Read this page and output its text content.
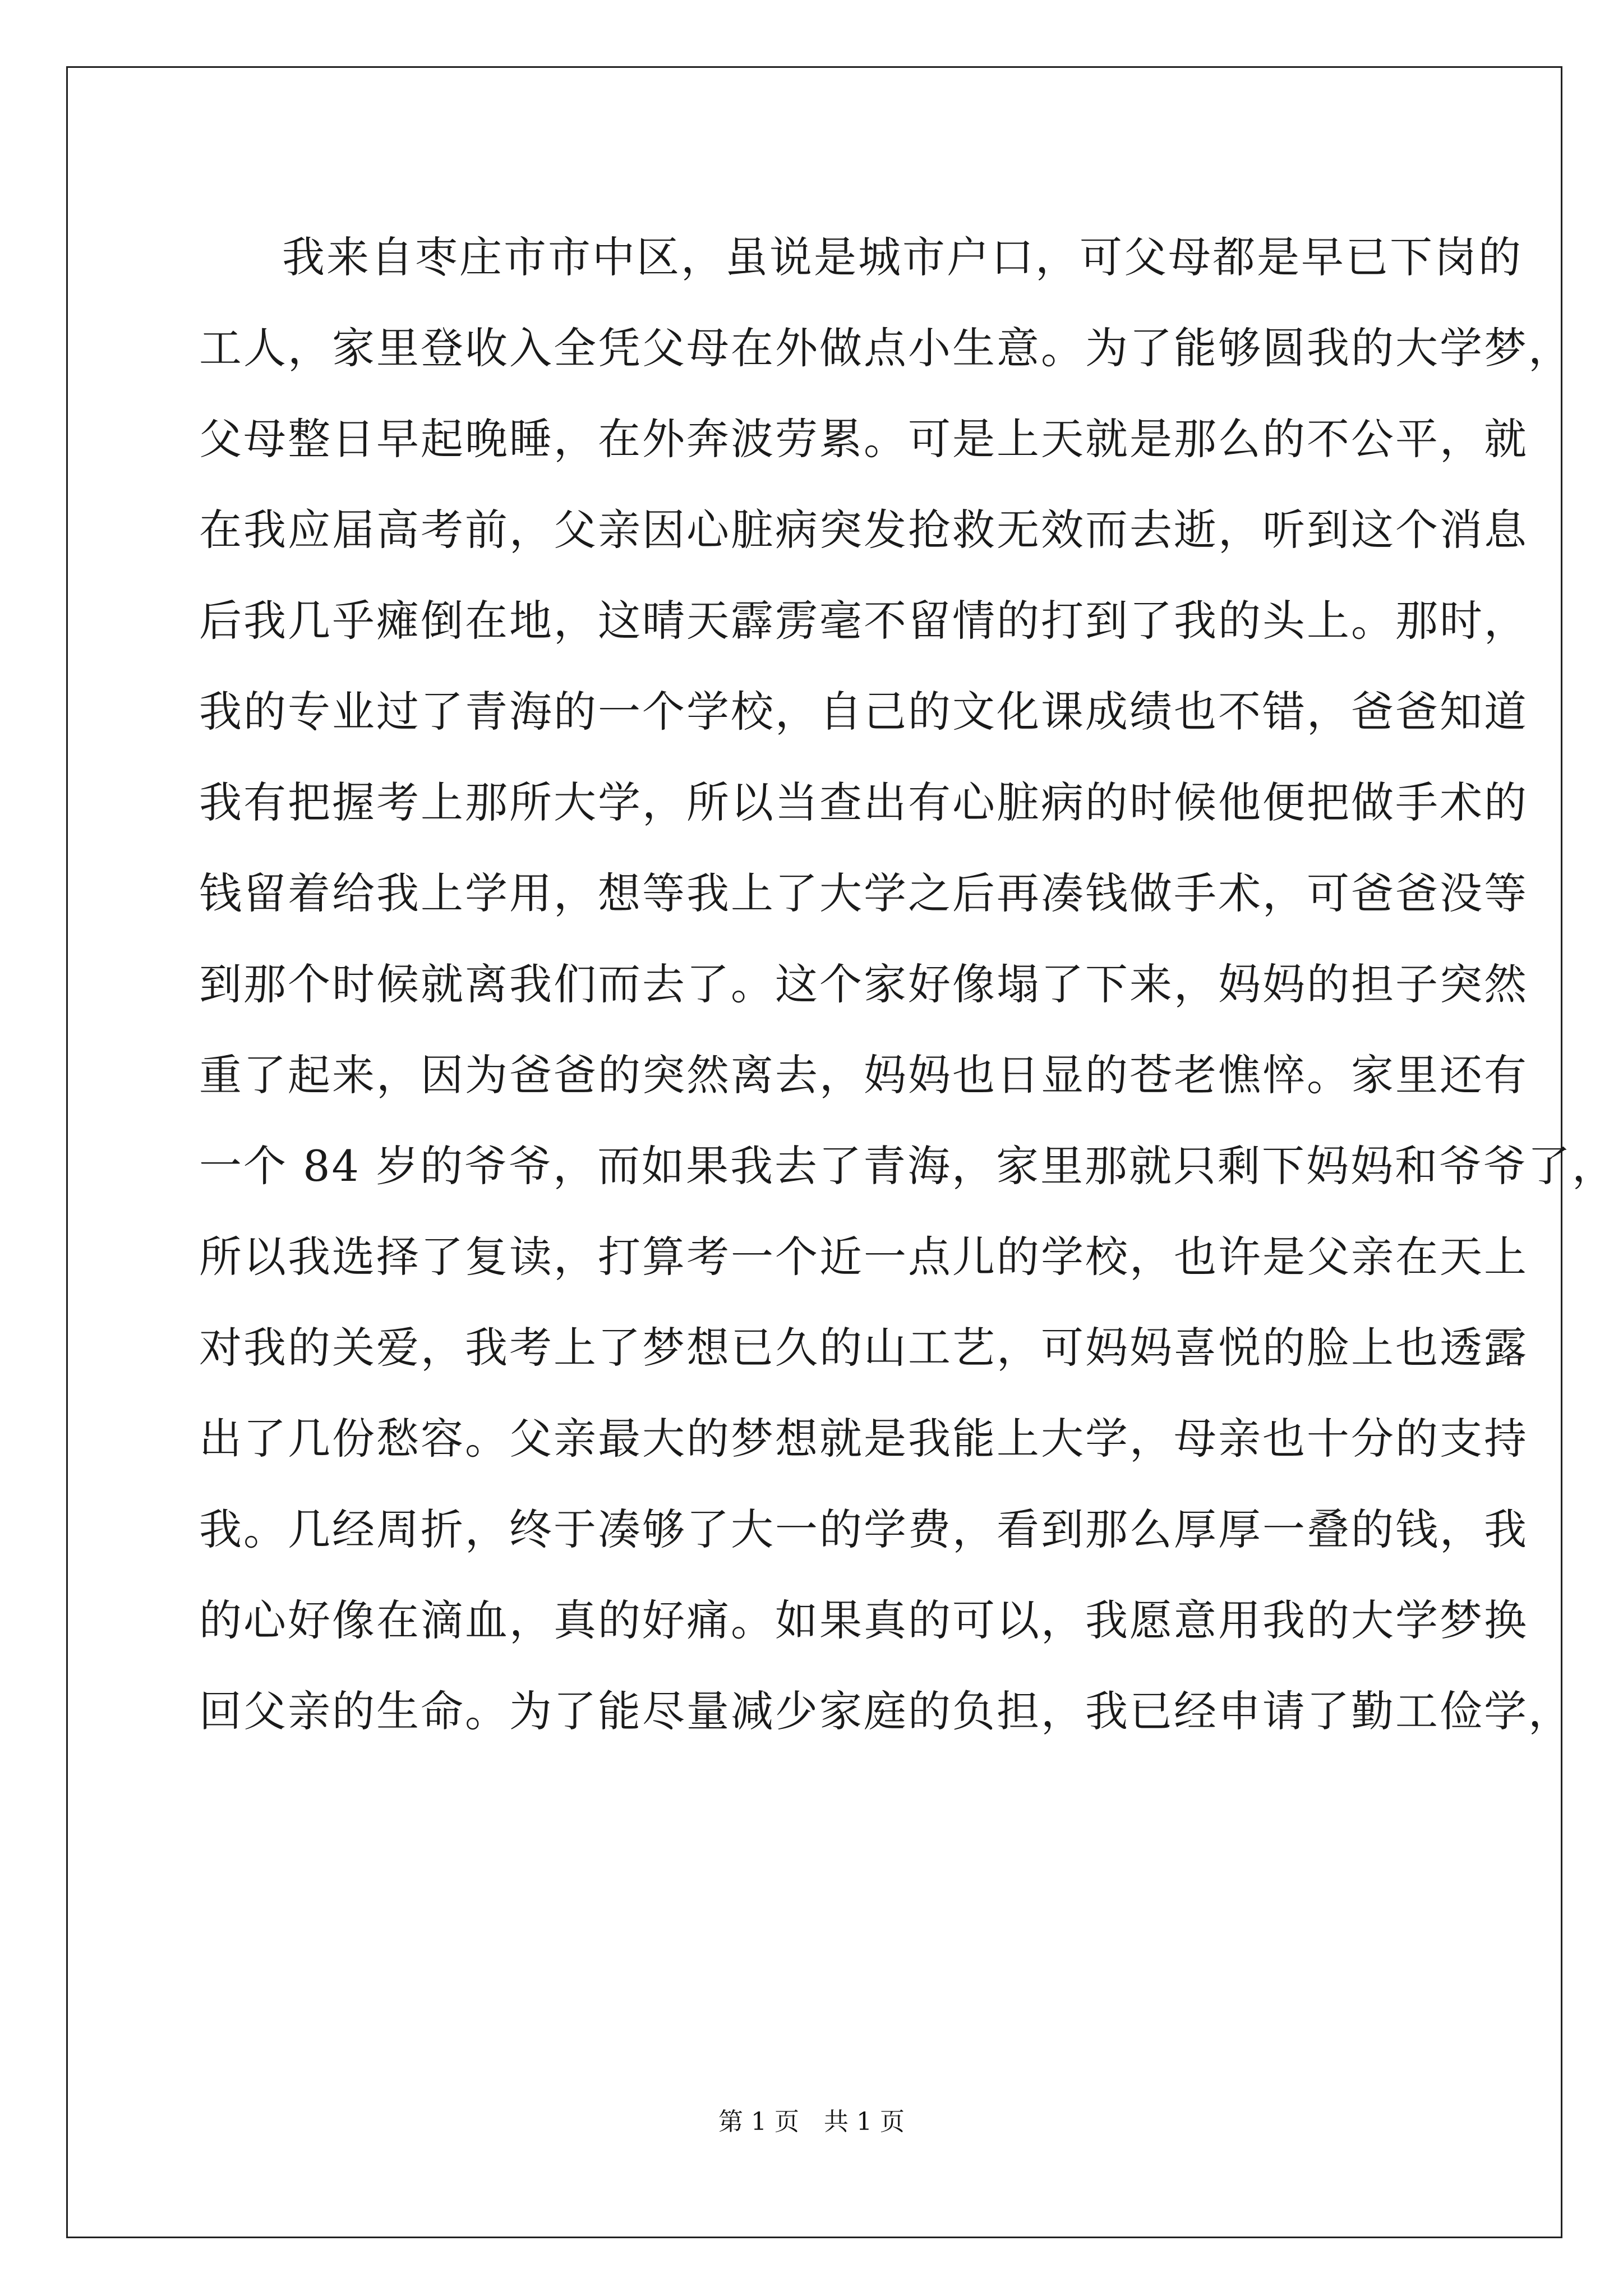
我来自枣庄市市中区，虽说是城市户口，可父母都是早已下岗的
工人，家里登收入全凭父母在外做点小生意。为了能够圆我的大学梦，
父母整日早起晚睡，在外奔波劳累。可是上天就是那么的不公平，就
在我应届高考前，父亲因心脏病突发抢救无效而去逝，听到这个消息
后我几乎瘫倒在地，这晴天霹雳毫不留情的打到了我的头上。那时，
我的专业过了青海的一个学校，自己的文化课成绩也不错，爸爸知道
我有把握考上那所大学，所以当查出有心脏病的时候他便把做手术的
钱留着给我上学用，想等我上了大学之后再凑钱做手术，可爸爸没等
到那个时候就离我们而去了。这个家好像塌了下来，妈妈的担子突然
重了起来，因为爸爸的突然离去，妈妈也日显的苍老憔悴。家里还有
一个 84 岁的爷爷，而如果我去了青海，家里那就只剩下妈妈和爷爷了，
所以我选择了复读，打算考一个近一点儿的学校，也许是父亲在天上
对我的关爱，我考上了梦想已久的山工艺，可妈妈喜悦的脸上也透露
出了几份愁容。父亲最大的梦想就是我能上大学，母亲也十分的支持
我。几经周折，终于凑够了大一的学费，看到那么厚厚一叠的钱，我
的心好像在滴血，真的好痛。如果真的可以，我愿意用我的大学梦换
回父亲的生命。为了能尽量减少家庭的负担，我已经申请了勤工俭学，
第 1 页　共 1 页
